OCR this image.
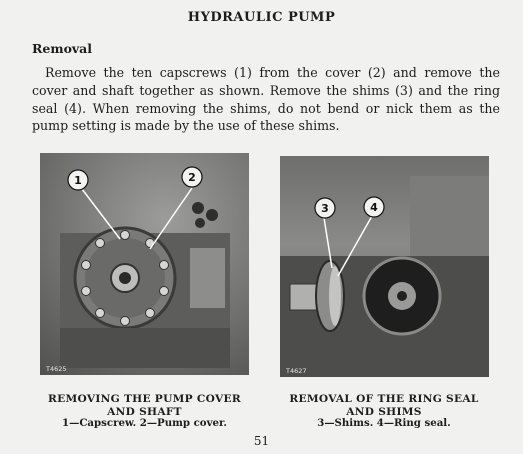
HYDRAULIC PUMP
Removal
Remove the ten capscrews (1) from the cover (2) and remove the cover and shaft together as shown. Remove the shims (3) and the ring seal (4). When removing the shims, do not bend or nick them as the pump setting is made by the use of these shims.
1	2
T4625
3	4
T4627
REMOVING THE PUMP COVER
AND SHAFT
1—Capscrew. 2—Pump cover.
REMOVAL OF THE RING SEAL
AND SHIMS
3—Shims. 4—Ring seal.
51
